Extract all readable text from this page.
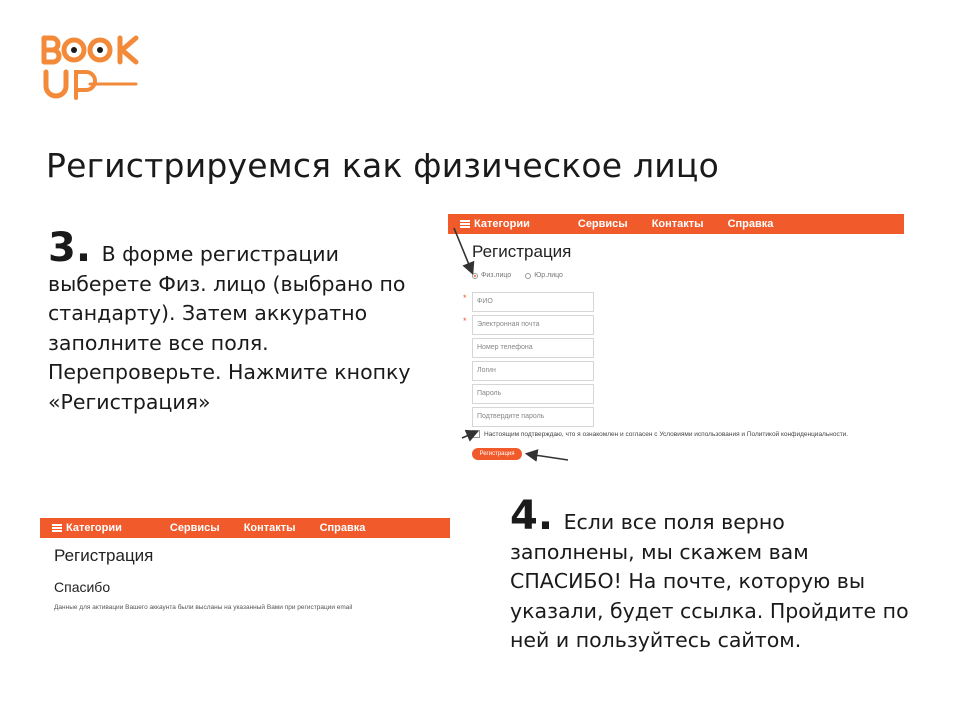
Регистрируемся как физическое лицо
3. В форме регистрации выберете Физ. лицо (выбрано по стандарту). Затем аккуратно заполните все поля. Перепроверьте. Нажмите кнопку «Регистрация»
Категории	Сервисы Контакты Справка
Регистрация
Физ.лицо	Юр.лицо
* ФИО
* Электронная почта
Номер телефона
Логин
Пароль
Подтвердите пароль
Настоящим подтверждаю, что я ознакомлен и согласен с Условиями использования и Политикой конфиденциальности.
Регистрация
Категории	Сервисы Контакты Справка
Регистрация
Спасибо
Данные для активации Вашего аккаунта были высланы на указанный Вами при регистрации email
4. Если все поля верно заполнены, мы скажем вам СПАСИБО! На почте, которую вы указали, будет ссылка. Пройдите по ней и пользуйтесь сайтом.
